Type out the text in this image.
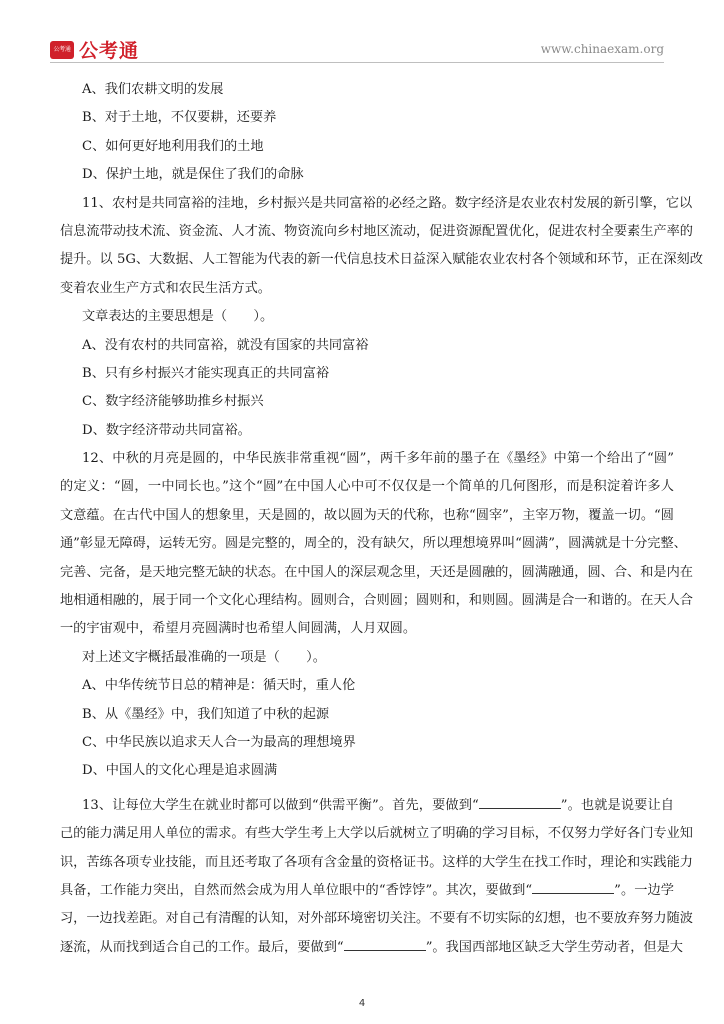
公考通 公考通	www.chinaexam.org
A、我们农耕文明的发展
B、对于土地，不仅要耕，还要养
C、如何更好地利用我们的土地
D、保护土地，就是保住了我们的命脉
11、农村是共同富裕的洼地，乡村振兴是共同富裕的必经之路。数字经济是农业农村发展的新引擎，它以
信息流带动技术流、资金流、人才流、物资流向乡村地区流动，促进资源配置优化，促进农村全要素生产率的
提升。以 5G、大数据、人工智能为代表的新一代信息技术日益深入赋能农业农村各个领域和环节，正在深刻改
变着农业生产方式和农民生活方式。
文章表达的主要思想是（　　）。
A、没有农村的共同富裕，就没有国家的共同富裕
B、只有乡村振兴才能实现真正的共同富裕
C、数字经济能够助推乡村振兴
D、数字经济带动共同富裕。
12、中秋的月亮是圆的，中华民族非常重视“圆”，两千多年前的墨子在《墨经》中第一个给出了“圆”
的定义：“圆，一中同长也。”这个“圆”在中国人心中可不仅仅是一个简单的几何图形，而是积淀着许多人
文意蕴。在古代中国人的想象里，天是圆的，故以圆为天的代称，也称“圆宰”，主宰万物，覆盖一切。“圆
通”彰显无障碍，运转无穷。圆是完整的，周全的，没有缺欠，所以理想境界叫“圆满”，圆满就是十分完整、
完善、完备，是天地完整无缺的状态。在中国人的深层观念里，天还是圆融的，圆满融通，圆、合、和是内在
地相通相融的，展于同一个文化心理结构。圆则合，合则圆；圆则和，和则圆。圆满是合一和谐的。在天人合
一的宇宙观中，希望月亮圆满时也希望人间圆满，人月双圆。
对上述文字概括最准确的一项是（　　）。
A、中华传统节日总的精神是：循天时，重人伦
B、从《墨经》中，我们知道了中秋的起源
C、中华民族以追求天人合一为最高的理想境界
D、中国人的文化心理是追求圆满
13、让每位大学生在就业时都可以做到“供需平衡”。首先，要做到“	”。也就是说要让自
己的能力满足用人单位的需求。有些大学生考上大学以后就树立了明确的学习目标，不仅努力学好各门专业知
识，苦练各项专业技能，而且还考取了各项有含金量的资格证书。这样的大学生在找工作时，理论和实践能力
具备，工作能力突出，自然而然会成为用人单位眼中的“香饽饽”。其次，要做到“	”。一边学
习，一边找差距。对自己有清醒的认知，对外部环境密切关注。不要有不切实际的幻想，也不要放弃努力随波
逐流，从而找到适合自己的工作。最后，要做到“	”。我国西部地区缺乏大学生劳动者，但是大
4
